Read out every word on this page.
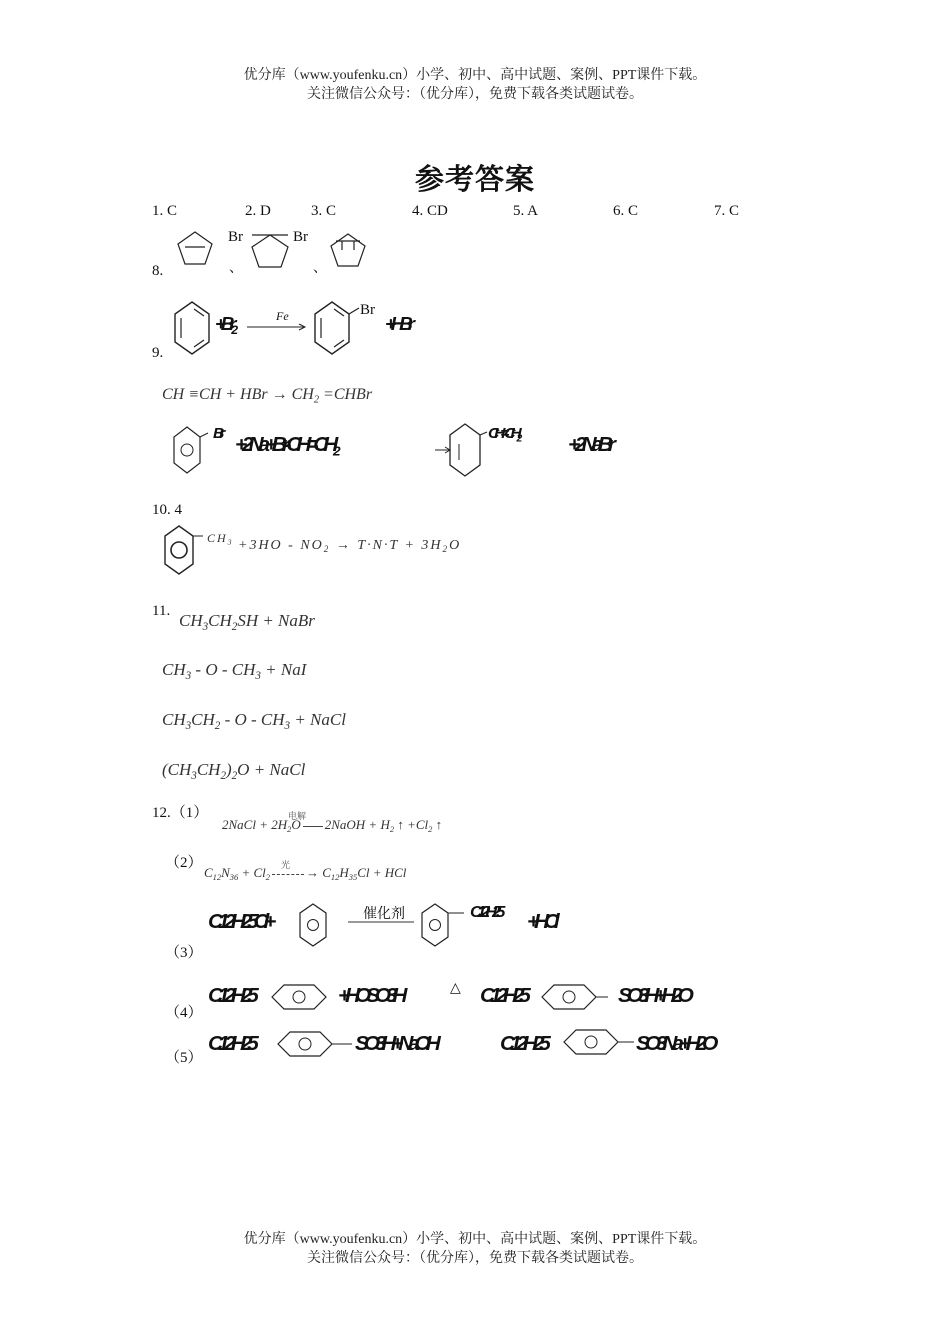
优分库（www.youfenku.cn）小学、初中、高中试题、案例、PPT课件下载。
关注微信公众号：（优分库），免费下载各类试题试卷。
参考答案
1. C	2. D	3. C	4. CD	5. A	6. C	7. C
8.	、
Br	Br
、
9.
$+Br_2$
Fe	Br
+HBr
CH ≡CH + HBr → $CH_2$ =CHBr
Br
$+2Na+Br-CH=CH_2$
$CH=CH_2$	+2NaBr
10. 4
$CH_3 +3HO - NO_2 \to T\cdot N\cdot T + 3H_2O$
11. $CH_3CH_2SH$ + NaBr
$CH_3$ - O - $CH_3$ + NaI
$CH_3CH_2$ - O - $CH_3$ + NaCl
$(CH_3CH_2)_2O$ + NaCl
12.（1）	电解
2NaCl + $2H_2O$ 2NaOH + $H_2$ ↑ $+Cl_2$ ↑
（2）	光
$C_{12}N_{36} + Cl_2$	→ $C_{12}H_{35}Cl$ + HCl
（3）
C12H25Cl+	催化剂	C12H25 +HCl
（4）
C12H25	+HOSO3H	△ C12H25	SO3H+H2O
（5）
C12H25	SO3H+NaOH	C12H25	SO3Na+H2O
优分库（www.youfenku.cn）小学、初中、高中试题、案例、PPT课件下载。
关注微信公众号：（优分库），免费下载各类试题试卷。
